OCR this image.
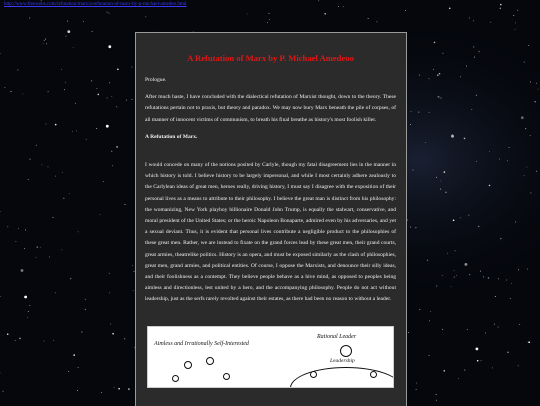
http://www.freewebs.com/refutation/marx/a-refutation-of-marx-by-p-michael-amedeo.html
A Refutation of Marx by P. Michael Amedeoo

Prologue.

After much haste, I have concluded with the dialectical refutation of Marxist thought, down to the theory. These refutations pertain not to praxis, but theory and paradox. We may now bury Marx beneath the pile of corpses, of all manner of innocent victims of communism, to breath his final breathe as history's most foolish killer.

A Refutation of Marx.

I would concede on many of the notions posited by Carlyle, though my fatal disagreement lies in the manner in which history is told. I believe history to be largely impersonal, and while I most certainly adhere zealously to the Carlylean ideas of great men, heroes really, driving history, I must say I disagree with the exposition of their personal lives as a means to attribute to their philosophy. I believe the great man is distinct from his philosophy: the womanizing, New York playboy billionaire Donald John Trump, is equally the stalwart, conservative, and moral president of the United States; or the heroic Napoleon Bonaparte, admired even by his adversaries, and yet a sexual deviant. Thus, it is evident that personal lives contribute a negligible product to the philosophies of these great men. Rather, we are instead to fixate on the grand forces lead by these great men, their grand courts, great armies, theatrelike politics. History is an opera, and must be exposed similarly as the clash of philosophies, great men, grand armies, and political entities. Of course, I oppose the Marxists, and denounce their silly ideas, and their foolishness as a contempt. They believe people behave as a hive mind, as opposed to peoples being aimless and directionless, lest united by a hero, and the accompanying philosophy. People do not act without leadership, just as the serfs rarely revolted against their estates, as there had been no reason to without a leader.

Aimless and Irrationally Self-Interested
Rational Leader
Leadership
